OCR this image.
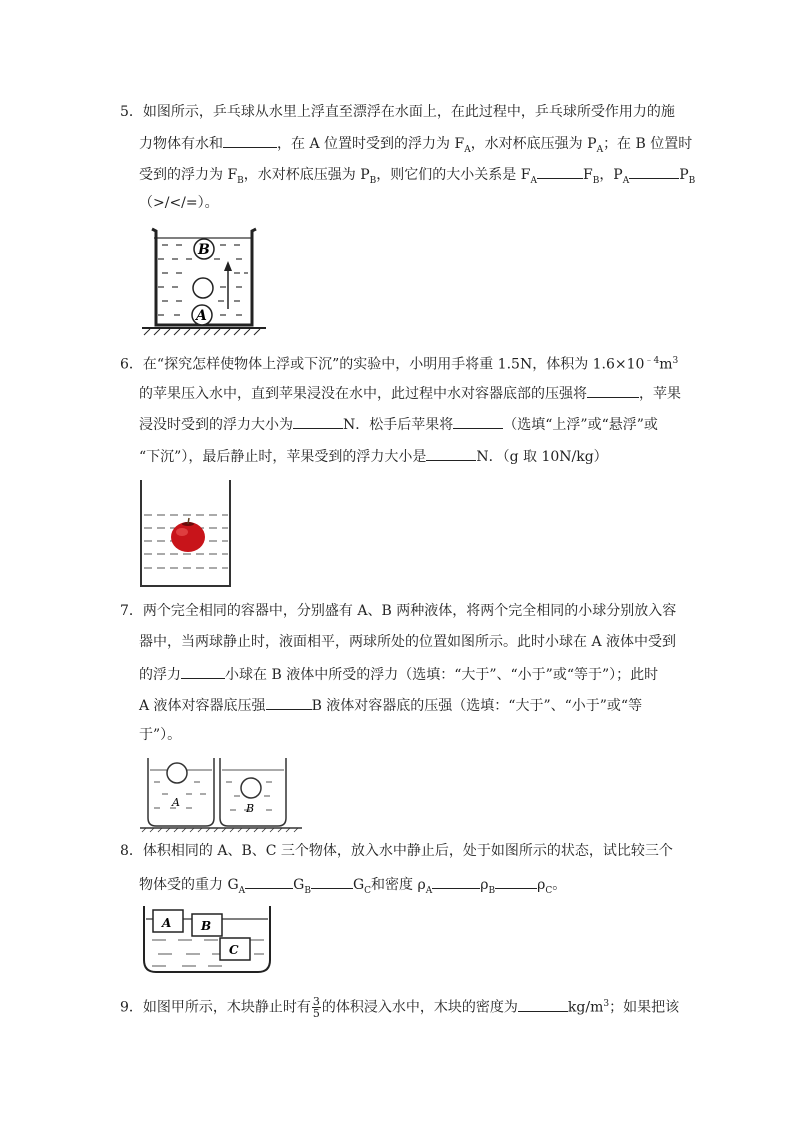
5．如图所示，乒乓球从水里上浮直至漂浮在水面上，在此过程中，乒乓球所受作用力的施
力物体有水和	，在 A 位置时受到的浮力为 $F_A$，水对杯底压强为 $P_A$；在 B 位置时
受到的浮力为 $F_B$，水对杯底压强为 $P_B$，则它们的大小关系是 $F_A$	$F_B$，$P_A$	$P_B$
（>/</=）。
B
A
6．在“探究怎样使物体上浮或下沉”的实验中，小明用手将重 1.5N，体积为 $1.6\times 10^{﹣4}m^3$
的苹果压入水中，直到苹果浸没在水中，此过程中水对容器底部的压强将	，苹果
浸没时受到的浮力大小为	N．松手后苹果将	（选填“上浮”或“悬浮”或
“下沉”），最后静止时，苹果受到的浮力大小是	N．（g 取 10N/kg）
7．两个完全相同的容器中，分别盛有 A、B 两种液体，将两个完全相同的小球分别放入容
器中，当两球静止时，液面相平，两球所处的位置如图所示。此时小球在 A 液体中受到
的浮力	小球在 B 液体中所受的浮力（选填：“大于”、“小于”或“等于”）；此时
A 液体对容器底压强	B 液体对容器底的压强（选填：“大于”、“小于”或“等
于”）。
A	B
8．体积相同的 A、B、C 三个物体，放入水中静止后，处于如图所示的状态，试比较三个
物体受的重力 $G_A$	$G_B$	$G_C$和密度 $\rho_A$	$\rho_B$	$\rho_C$。
A B
C
9．如图甲所示，木块静止时有 $\frac{3}{5}$ 的体积浸入水中，木块的密度为	$kg/m^3$；如果把该
